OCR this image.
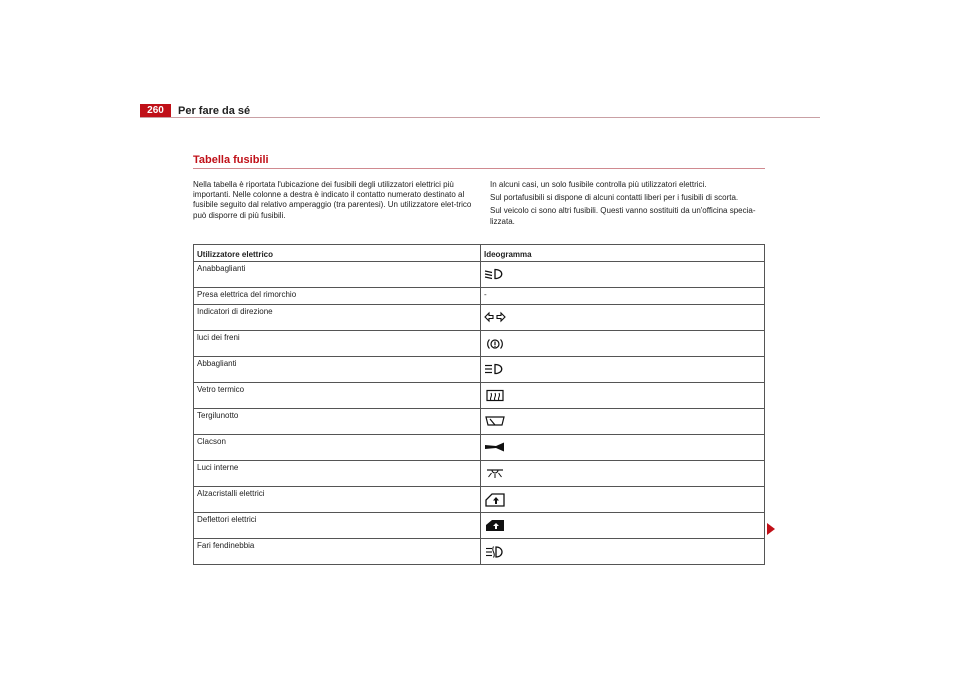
260	Per fare da sé
Tabella fusibili

Nella tabella è riportata l'ubicazione dei fusibili degli utilizzatori elettrici più importanti. Nelle colonne a destra è indicato il contatto numerato destinato al fusibile seguito dal relativo amperaggio (tra parentesi). Un utilizzatore elet-trico può disporre di più fusibili.

In alcuni casi, un solo fusibile controlla più utilizzatori elettrici.

Sul portafusibili si dispone di alcuni contatti liberi per i fusibili di scorta.

Sul veicolo ci sono altri fusibili. Questi vanno sostituiti da un'officina specia-lizzata.

Utilizzatore elettrico	Ideogramma
Anabbaglianti	

Presa elettrica del rimorchio	-
Indicatori di direzione	

luci dei freni	

Abbaglianti	

Vetro termico	

Tergilunotto	

Clacson	

Luci interne	

Alzacristalli elettrici	

Deflettori elettrici	

Fari fendinebbia	
